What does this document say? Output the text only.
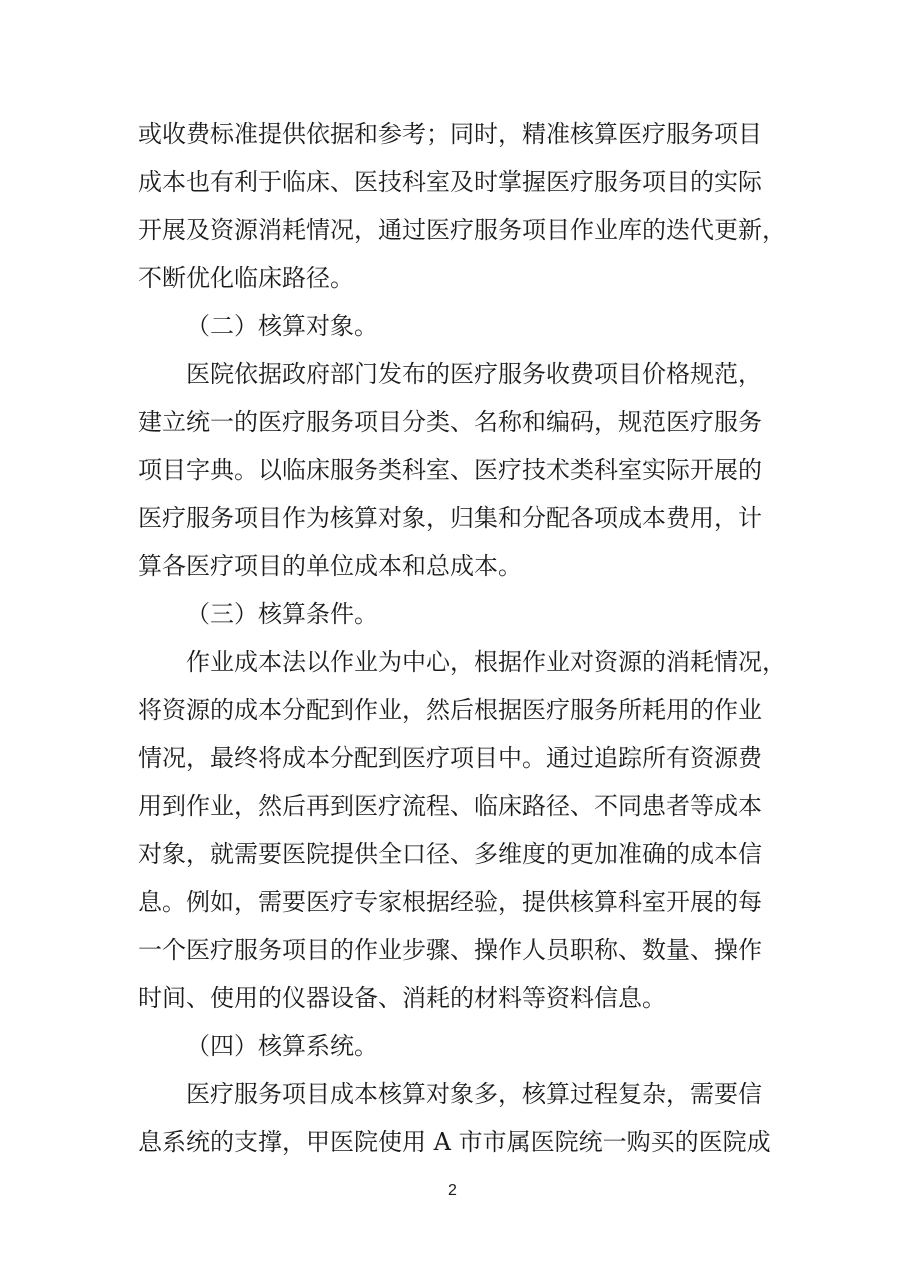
或收费标准提供依据和参考；同时，精准核算医疗服务项目
成本也有利于临床、医技科室及时掌握医疗服务项目的实际
开展及资源消耗情况，通过医疗服务项目作业库的迭代更新，
不断优化临床路径。
（二）核算对象。
医院依据政府部门发布的医疗服务收费项目价格规范，
建立统一的医疗服务项目分类、名称和编码，规范医疗服务
项目字典。以临床服务类科室、医疗技术类科室实际开展的
医疗服务项目作为核算对象，归集和分配各项成本费用，计
算各医疗项目的单位成本和总成本。
（三）核算条件。
作业成本法以作业为中心，根据作业对资源的消耗情况，
将资源的成本分配到作业，然后根据医疗服务所耗用的作业
情况，最终将成本分配到医疗项目中。通过追踪所有资源费
用到作业，然后再到医疗流程、临床路径、不同患者等成本
对象，就需要医院提供全口径、多维度的更加准确的成本信
息。例如，需要医疗专家根据经验，提供核算科室开展的每
一个医疗服务项目的作业步骤、操作人员职称、数量、操作
时间、使用的仪器设备、消耗的材料等资料信息。
（四）核算系统。
医疗服务项目成本核算对象多，核算过程复杂，需要信
息系统的支撑，甲医院使用 A 市市属医院统一购买的医院成
2
